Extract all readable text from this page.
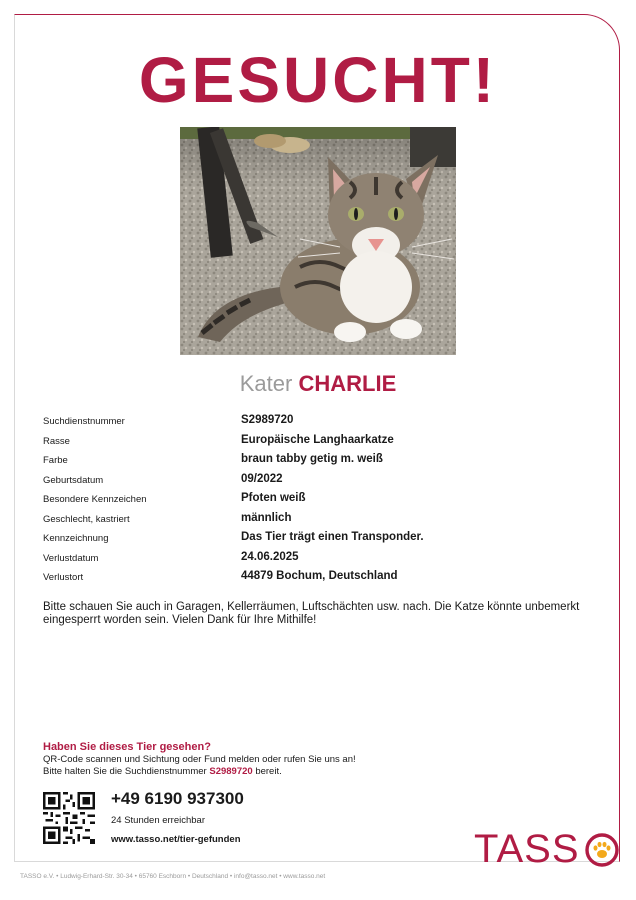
GESUCHT!
Kater CHARLIE
Suchdienstnummer	S2989720
Rasse	Europäische Langhaarkatze
Farbe	braun tabby getig m. weiß
Geburtsdatum	09/2022
Besondere Kennzeichen	Pfoten weiß
Geschlecht, kastriert	männlich
Kennzeichnung	Das Tier trägt einen Transponder.
Verlustdatum	24.06.2025
Verlustort	44879 Bochum, Deutschland
Bitte schauen Sie auch in Garagen, Kellerräumen, Luftschächten usw. nach. Die Katze könnte unbemerkt eingesperrt worden sein. Vielen Dank für Ihre Mithilfe!
Haben Sie dieses Tier gesehen?
QR-Code scannen und Sichtung oder Fund melden oder rufen Sie uns an!
Bitte halten Sie die Suchdienstnummer S2989720 bereit.
+49 6190 937300
24 Stunden erreichbar
www.tasso.net/tier-gefunden	TASS
TASSO e.V. • Ludwig-Erhard-Str. 30-34 • 65760 Eschborn • Deutschland • info@tasso.net • www.tasso.net
